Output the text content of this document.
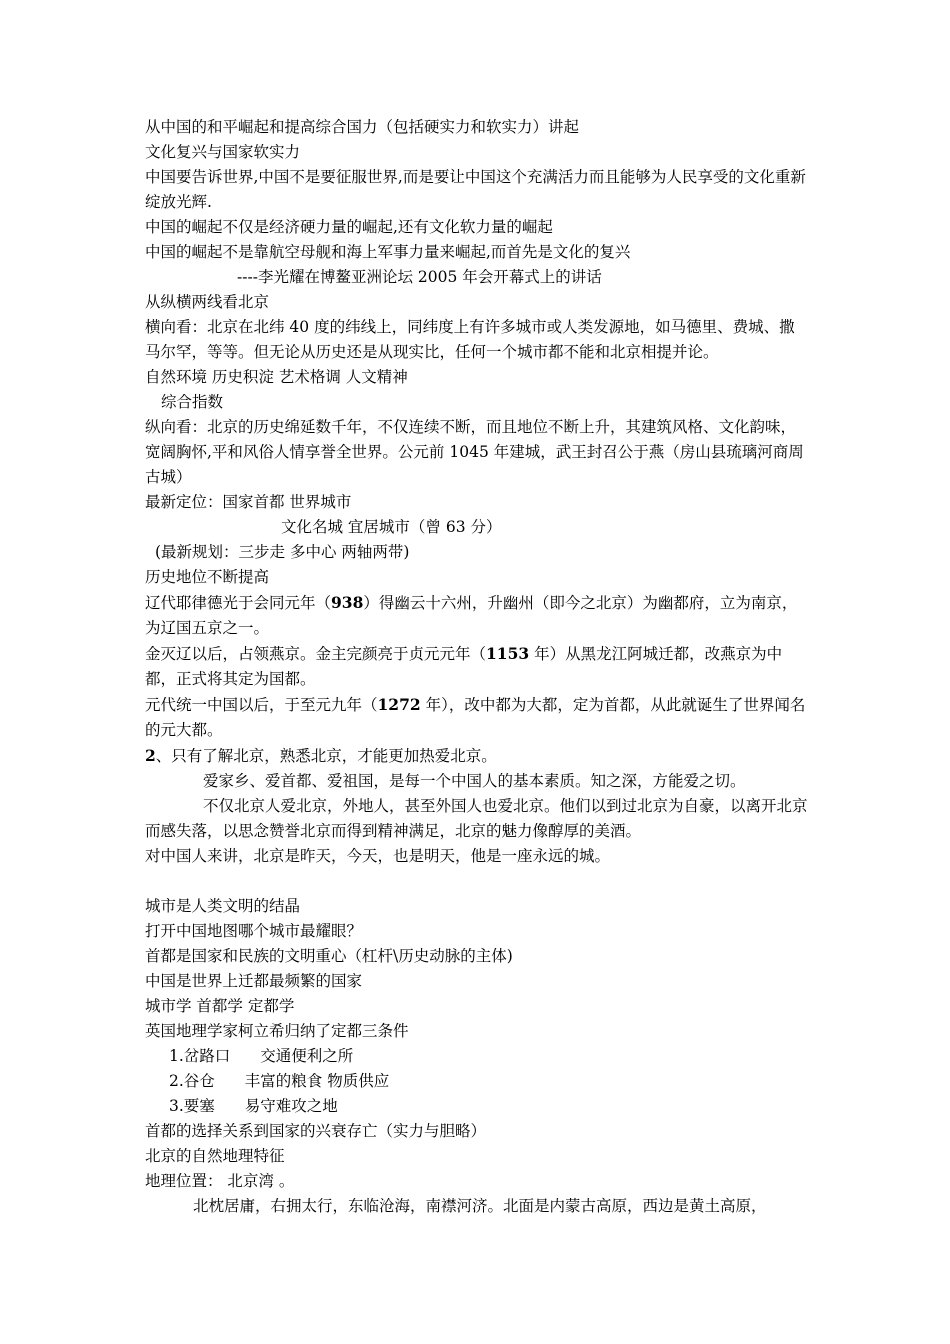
从中国的和平崛起和提高综合国力（包括硬实力和软实力）讲起

文化复兴与国家软实力

中国要告诉世界,中国不是要征服世界,而是要让中国这个充满活力而且能够为人民享受的文化重新绽放光辉.

中国的崛起不仅是经济硬力量的崛起,还有文化软力量的崛起

中国的崛起不是靠航空母舰和海上军事力量来崛起,而首先是文化的复兴

----李光耀在博鳌亚洲论坛 2005 年会开幕式上的讲话

从纵横两线看北京

横向看：北京在北纬 40 度的纬线上，同纬度上有许多城市或人类发源地，如马德里、费城、撒马尔罕，等等。但无论从历史还是从现实比，任何一个城市都不能和北京相提并论。

自然环境 历史积淀 艺术格调 人文精神

综合指数

纵向看：北京的历史绵延数千年，不仅连续不断，而且地位不断上升，其建筑风格、文化韵味，宽阔胸怀,平和风俗人情享誉全世界。公元前 1045 年建城，武王封召公于燕（房山县琉璃河商周古城）

最新定位：国家首都 世界城市

文化名城 宜居城市（曾 63 分）

(最新规划：三步走 多中心 两轴两带)

历史地位不断提高

辽代耶律德光于会同元年（938）得幽云十六州，升幽州（即今之北京）为幽都府，立为南京，为辽国五京之一。

金灭辽以后，占领燕京。金主完颜亮于贞元元年（1153 年）从黑龙江阿城迁都，改燕京为中都，正式将其定为国都。

元代统一中国以后，于至元九年（1272 年），改中都为大都，定为首都，从此就诞生了世界闻名的元大都。

2、只有了解北京，熟悉北京，才能更加热爱北京。

爱家乡、爱首都、爱祖国，是每一个中国人的基本素质。知之深，方能爱之切。

不仅北京人爱北京，外地人，甚至外国人也爱北京。他们以到过北京为自豪，以离开北京而感失落，以思念赞誉北京而得到精神满足，北京的魅力像醇厚的美酒。

对中国人来讲，北京是昨天，今天，也是明天，他是一座永远的城。

城市是人类文明的结晶

打开中国地图哪个城市最耀眼？

首都是国家和民族的文明重心（杠杆\历史动脉的主体)

中国是世界上迁都最频繁的国家

城市学 首都学 定都学

英国地理学家柯立希归纳了定都三条件

1.岔路口 交通便利之所

2.谷仓 丰富的粮食 物质供应

3.要塞 易守难攻之地

首都的选择关系到国家的兴衰存亡（实力与胆略）

北京的自然地理特征

地理位置： 北京湾 。

北枕居庸，右拥太行，东临沧海，南襟河济。北面是内蒙古高原，西边是黄土高原，
